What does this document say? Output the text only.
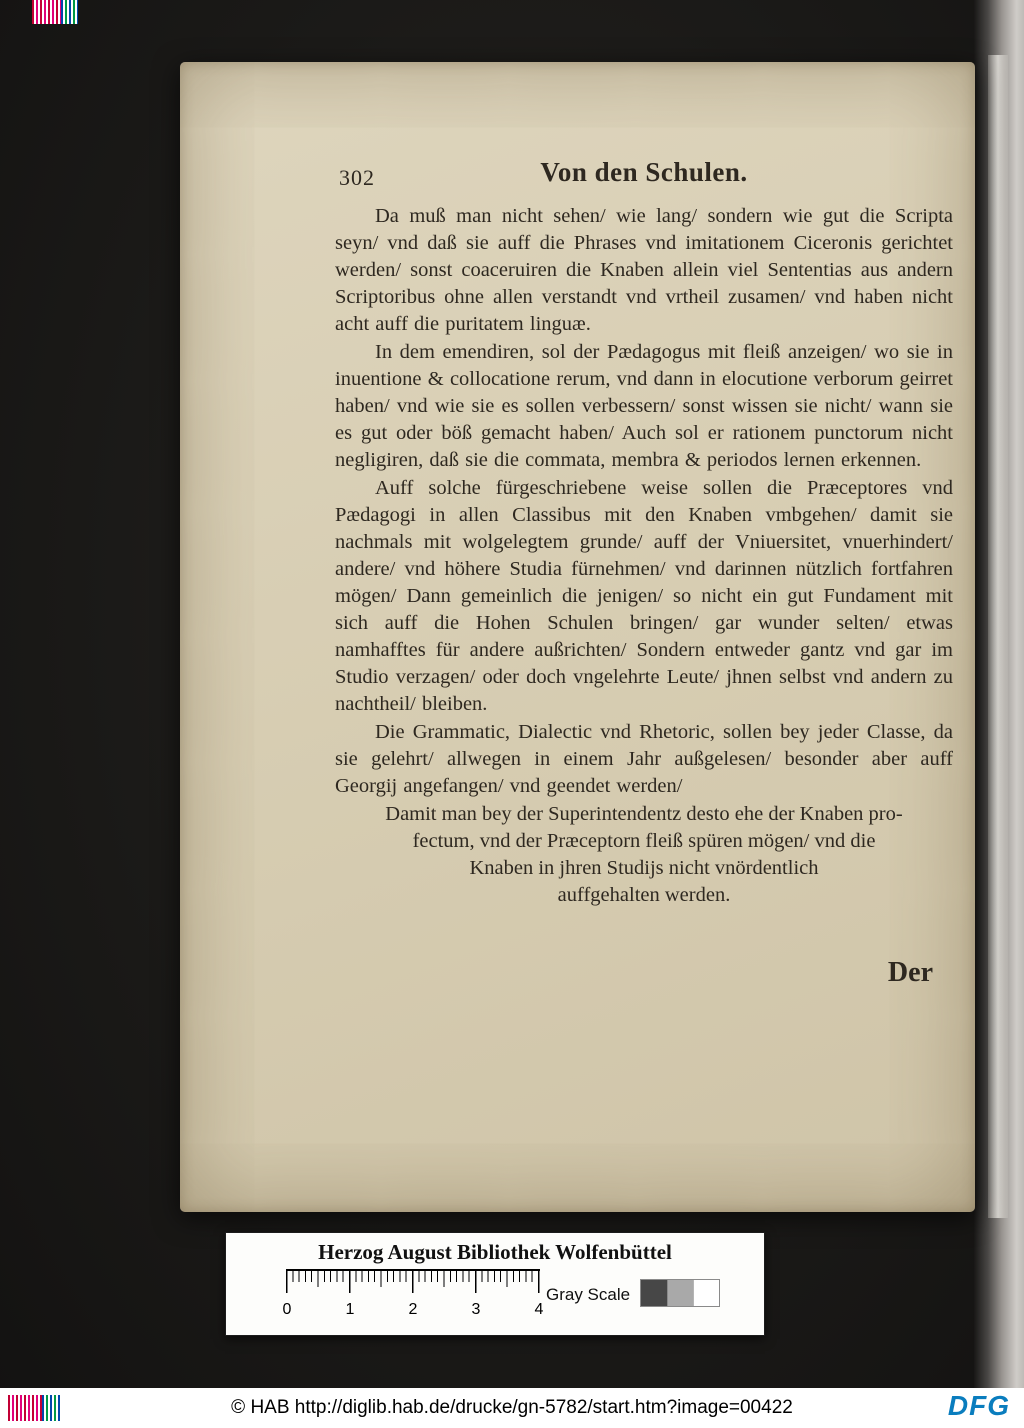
302	Von den Schulen.

Da muß man nicht sehen/ wie lang/ sondern wie gut die Scripta seyn/ vnd daß sie auff die Phrases vnd imitationem Ciceronis gerichtet werden/ sonst coaceruiren die Knaben allein viel Sententias aus andern Scriptoribus ohne allen verstandt vnd vrtheil zusamen/ vnd haben nicht acht auff die puritatem linguæ.

In dem emendiren, sol der Pædagogus mit fleiß anzeigen/ wo sie in inuentione & collocatione rerum, vnd dann in elocutione verborum geirret haben/ vnd wie sie es sollen verbessern/ sonst wissen sie nicht/ wann sie es gut oder böß gemacht haben/ Auch sol er rationem punctorum nicht negligiren, daß sie die commata, membra & periodos lernen erkennen.

Auff solche fürgeschriebene weise sollen die Præceptores vnd Pædagogi in allen Classibus mit den Knaben vmbgehen/ damit sie nachmals mit wolgelegtem grunde/ auff der Vniuersitet, vnuerhindert/ andere/ vnd höhere Studia fürnehmen/ vnd darinnen nützlich fortfahren mögen/ Dann gemeinlich die jenigen/ so nicht ein gut Fundament mit sich auff die Hohen Schulen bringen/ gar wunder selten/ etwas namhafftes für andere außrichten/ Sondern entweder gantz vnd gar im Studio verzagen/ oder doch vngelehrte Leute/ jhnen selbst vnd andern zu nachtheil/ bleiben.

Die Grammatic, Dialectic vnd Rhetoric, sollen bey jeder Classe, da sie gelehrt/ allwegen in einem Jahr außgelesen/ besonder aber auff Georgij angefangen/ vnd geendet werden/

Damit man bey der Superintendentz desto ehe der Knaben pro-
fectum, vnd der Præceptorn fleiß spüren mögen/ vnd die
Knaben in jhren Studijs nicht vnördentlich
auffgehalten werden.
Der
Herzog August Bibliothek Wolfenbüttel
0	1	2	3	4
Gray Scale
© HAB http://diglib.hab.de/drucke/gn-5782/start.htm?image=00422	DFG
